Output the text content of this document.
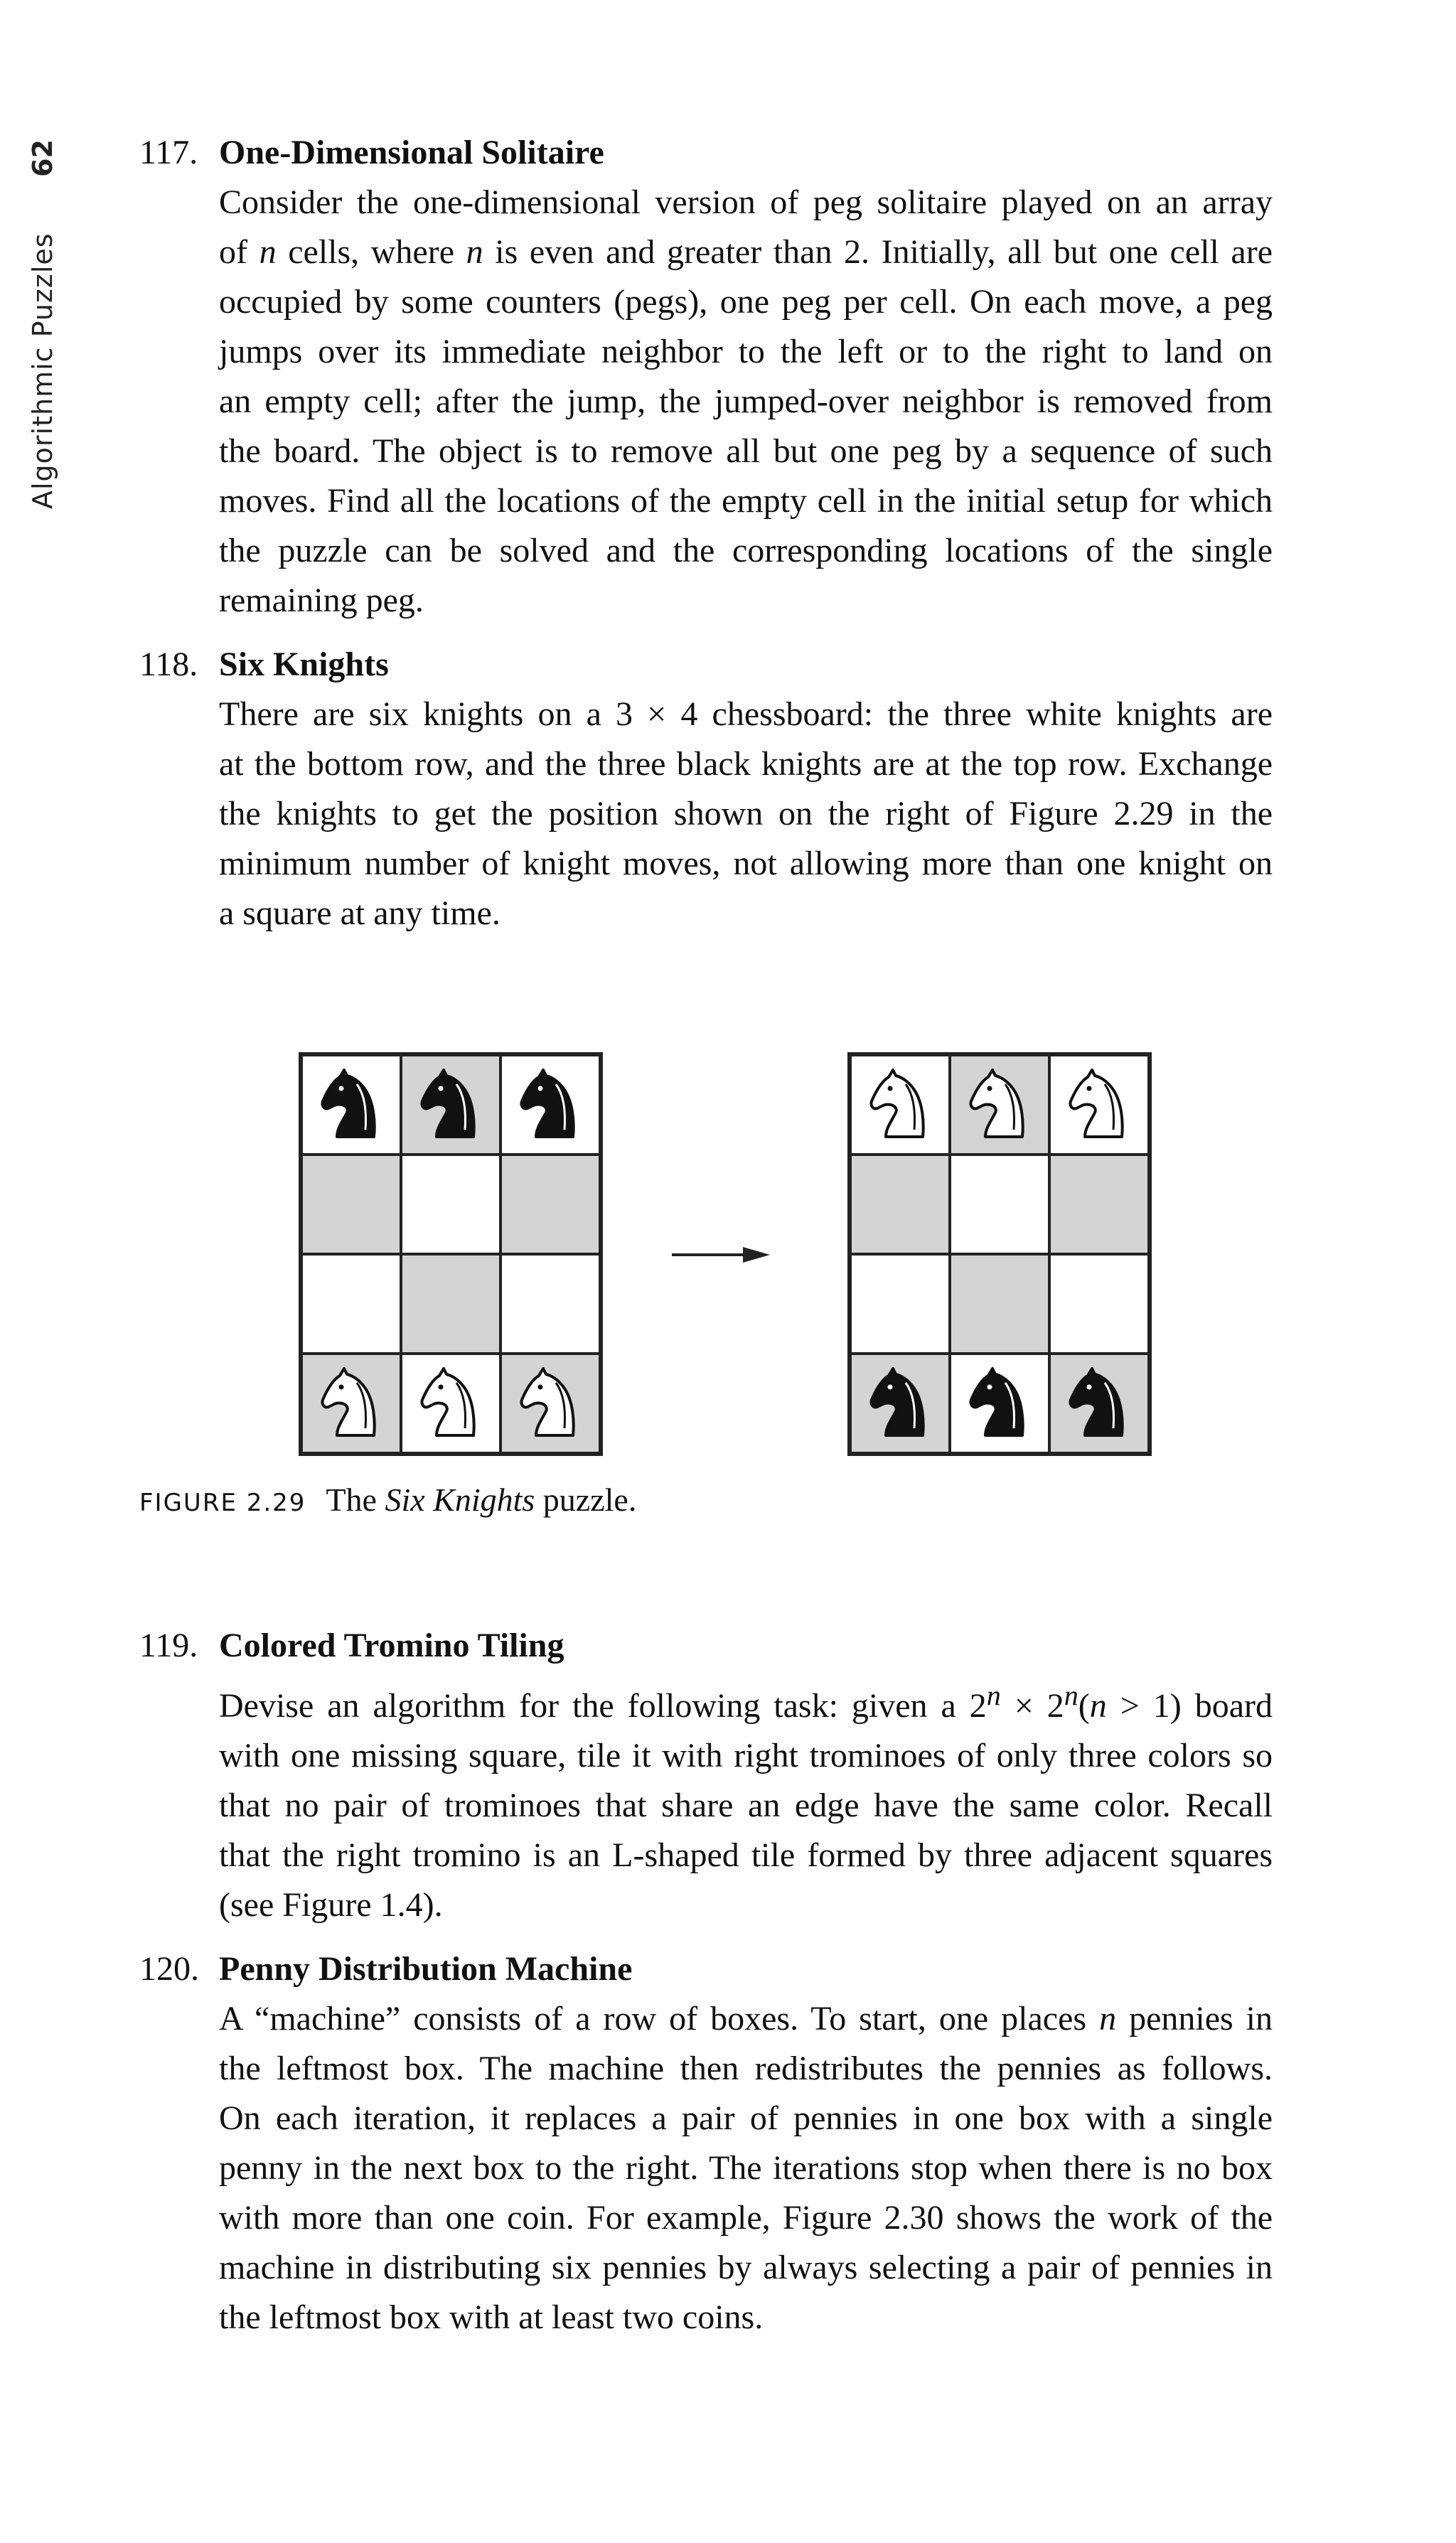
Algorithmic Puzzles
62 117. One-Dimensional Solitaire

Consider the one-dimensional version of peg solitaire played on an array

of n cells, where n is even and greater than 2. Initially, all but one cell are

occupied by some counters (pegs), one peg per cell. On each move, a peg

jumps over its immediate neighbor to the left or to the right to land on

an empty cell; after the jump, the jumped-over neighbor is removed from

the board. The object is to remove all but one peg by a sequence of such

moves. Find all the locations of the empty cell in the initial setup for which

the puzzle can be solved and the corresponding locations of the single

remaining peg.

118. Six Knights

There are six knights on a 3 × 4 chessboard: the three white knights are

at the bottom row, and the three black knights are at the top row. Exchange

the knights to get the position shown on the right of Figure 2.29 in the

minimum number of knight moves, not allowing more than one knight on

a square at any time.

FIGURE 2.29 The Six Knights puzzle.
119. Colored Tromino Tiling

Devise an algorithm for the following task: given a $2^n \times 2^n(n > 1)$ board

with one missing square, tile it with right trominoes of only three colors so

that no pair of trominoes that share an edge have the same color. Recall

that the right tromino is an L-shaped tile formed by three adjacent squares

(see Figure 1.4).

120. Penny Distribution Machine

A “machine” consists of a row of boxes. To start, one places n pennies in

the leftmost box. The machine then redistributes the pennies as follows.

On each iteration, it replaces a pair of pennies in one box with a single

penny in the next box to the right. The iterations stop when there is no box

with more than one coin. For example, Figure 2.30 shows the work of the

machine in distributing six pennies by always selecting a pair of pennies in

the leftmost box with at least two coins.
